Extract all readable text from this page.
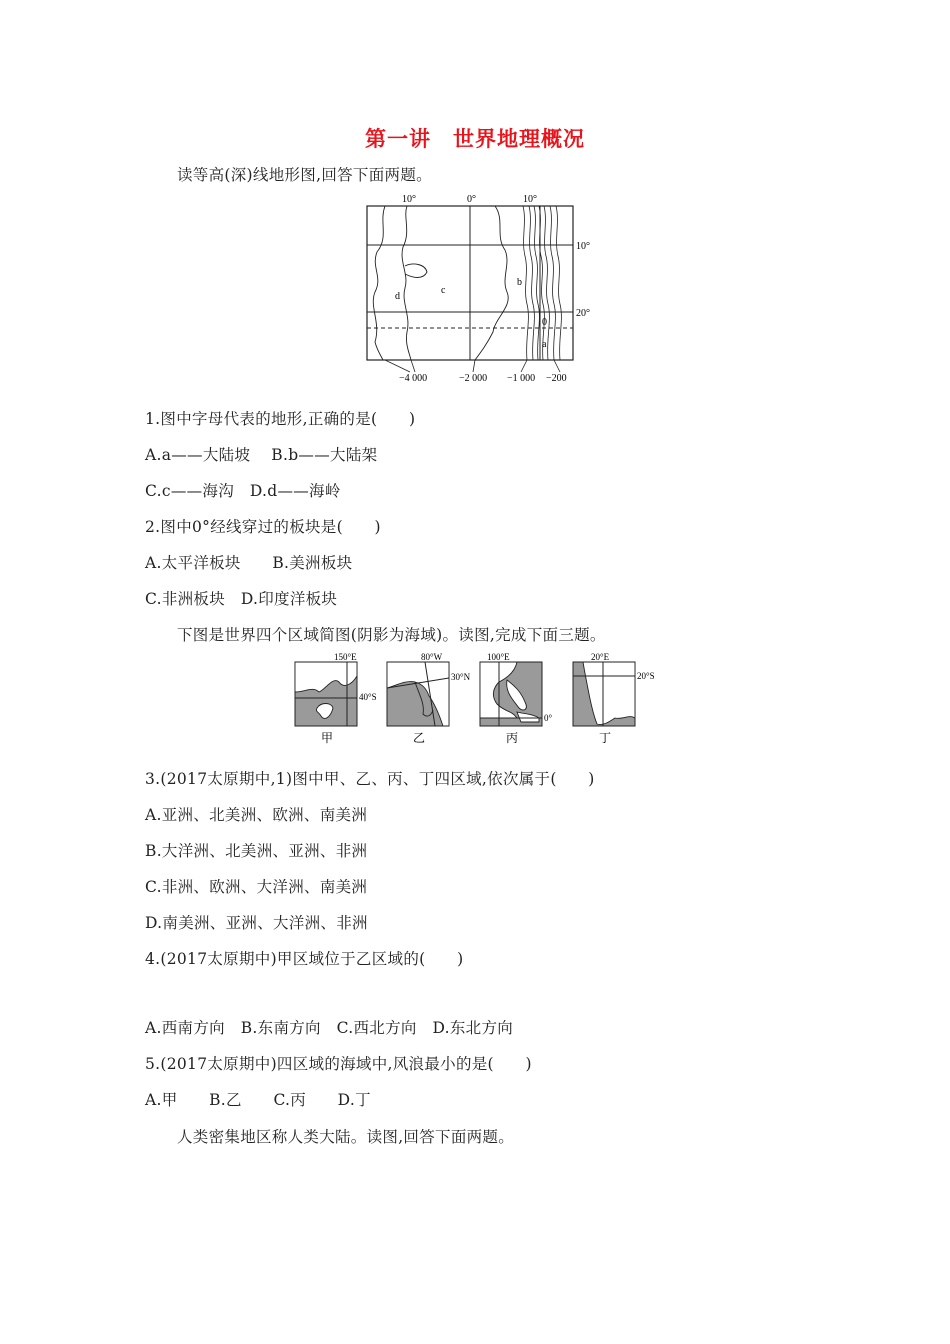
第一讲　世界地理概况
读等高(深)线地形图,回答下面两题。
10°	0°	10°
10°
20°
d
c
b
a
0
−4 000	−2 000 −1 000 −200
1.图中字母代表的地形,正确的是(　　)
A.a——大陆坡　 B.b——大陆架
C.c——海沟　D.d——海岭
2.图中0°经线穿过的板块是(　　)
A.太平洋板块　　B.美洲板块
C.非洲板块　D.印度洋板块
下图是世界四个区域简图(阴影为海域)。读图,完成下面三题。
150°E
40°S
甲
80°W
30°N
乙
100°E
0°
丙
20°E
20°S
丁
3.(2017太原期中,1)图中甲、乙、丙、丁四区域,依次属于(　　)
A.亚洲、北美洲、欧洲、南美洲
B.大洋洲、北美洲、亚洲、非洲
C.非洲、欧洲、大洋洲、南美洲
D.南美洲、亚洲、大洋洲、非洲
4.(2017太原期中)甲区域位于乙区域的(　　)
A.西南方向　B.东南方向　C.西北方向　D.东北方向
5.(2017太原期中)四区域的海域中,风浪最小的是(　　)
A.甲　　B.乙　　C.丙　　D.丁
人类密集地区称人类大陆。读图,回答下面两题。
